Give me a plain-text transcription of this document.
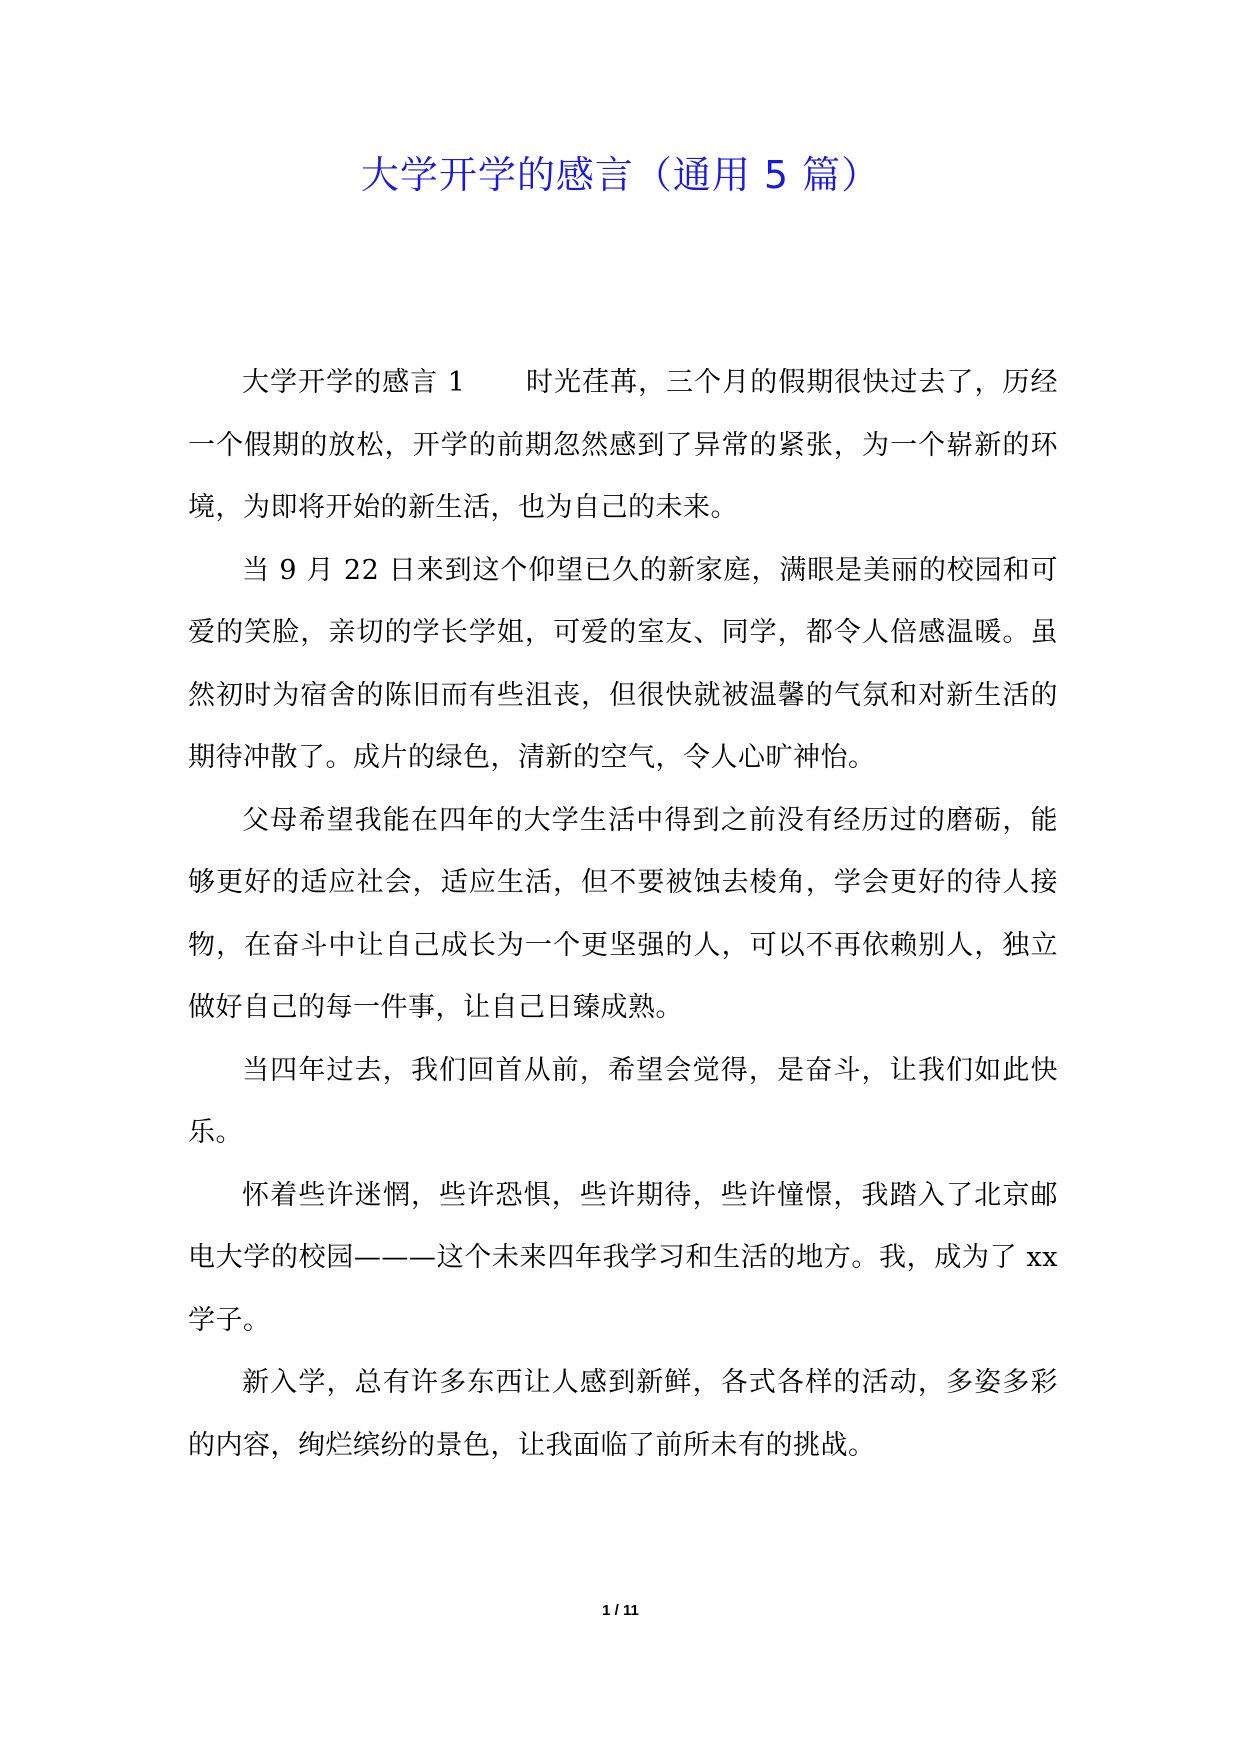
大学开学的感言（通用 5 篇）

大学开学的感言 1 时光荏苒，三个月的假期很快过去了，历经一个假期的放松，开学的前期忽然感到了异常的紧张，为一个崭新的环境，为即将开始的新生活，也为自己的未来。

当 9 月 22 日来到这个仰望已久的新家庭，满眼是美丽的校园和可爱的笑脸，亲切的学长学姐，可爱的室友、同学，都令人倍感温暖。虽然初时为宿舍的陈旧而有些沮丧，但很快就被温馨的气氛和对新生活的期待冲散了。成片的绿色，清新的空气，令人心旷神怡。

父母希望我能在四年的大学生活中得到之前没有经历过的磨砺，能够更好的适应社会，适应生活，但不要被蚀去棱角，学会更好的待人接物，在奋斗中让自己成长为一个更坚强的人，可以不再依赖别人，独立做好自己的每一件事，让自己日臻成熟。

当四年过去，我们回首从前，希望会觉得，是奋斗，让我们如此快乐。

怀着些许迷惘，些许恐惧，些许期待，些许憧憬，我踏入了北京邮电大学的校园———这个未来四年我学习和生活的地方。我，成为了 xx 学子。

新入学，总有许多东西让人感到新鲜，各式各样的活动，多姿多彩的内容，绚烂缤纷的景色，让我面临了前所未有的挑战。

1 / 11
